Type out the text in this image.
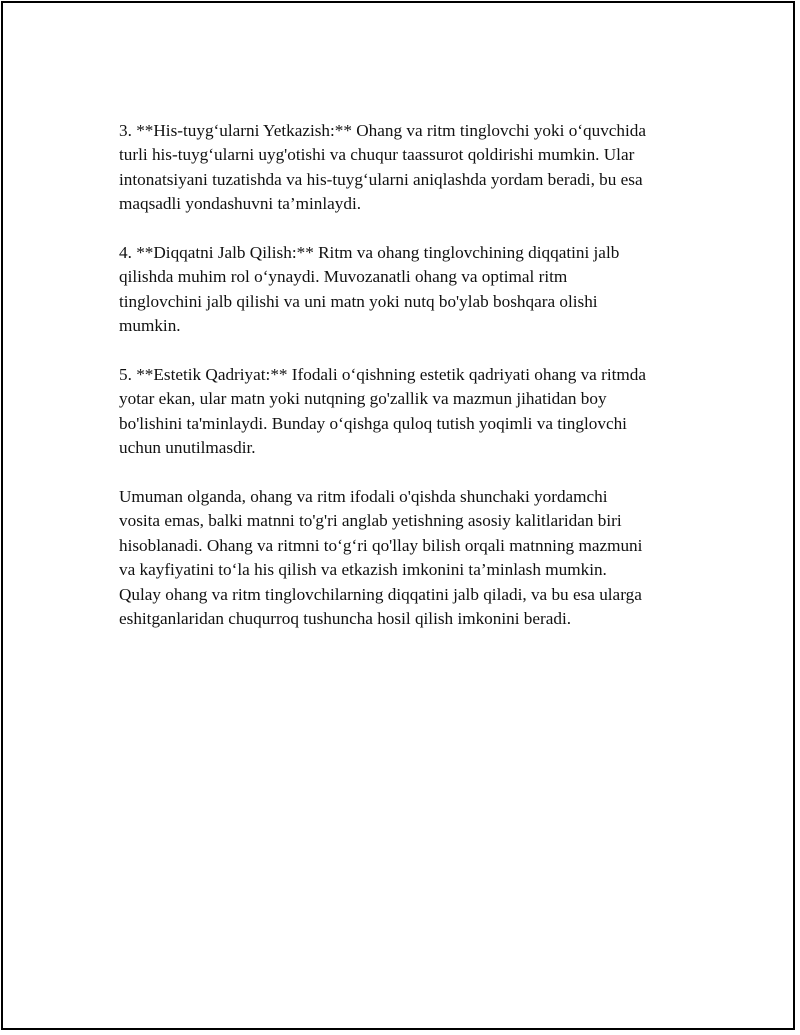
3. **His-tuyg‘ularni Yetkazish:** Ohang va ritm tinglovchi yoki o‘quvchida
turli his-tuyg‘ularni uyg'otishi va chuqur taassurot qoldirishi mumkin. Ular
intonatsiyani tuzatishda va his-tuyg‘ularni aniqlashda yordam beradi, bu esa
maqsadli yondashuvni ta’minlaydi.

4. **Diqqatni Jalb Qilish:** Ritm va ohang tinglovchining diqqatini jalb
qilishda muhim rol o‘ynaydi. Muvozanatli ohang va optimal ritm
tinglovchini jalb qilishi va uni matn yoki nutq bo'ylab boshqara olishi
mumkin.

5. **Estetik Qadriyat:** Ifodali o‘qishning estetik qadriyati ohang va ritmda
yotar ekan, ular matn yoki nutqning go'zallik va mazmun jihatidan boy
bo'lishini ta'minlaydi. Bunday o‘qishga quloq tutish yoqimli va tinglovchi
uchun unutilmasdir.

Umuman olganda, ohang va ritm ifodali o'qishda shunchaki yordamchi
vosita emas, balki matnni to'g'ri anglab yetishning asosiy kalitlaridan biri
hisoblanadi. Ohang va ritmni to‘g‘ri qo'llay bilish orqali matnning mazmuni
va kayfiyatini to‘la his qilish va etkazish imkonini ta’minlash mumkin.
Qulay ohang va ritm tinglovchilarning diqqatini jalb qiladi, va bu esa ularga
eshitganlaridan chuqurroq tushuncha hosil qilish imkonini beradi.
